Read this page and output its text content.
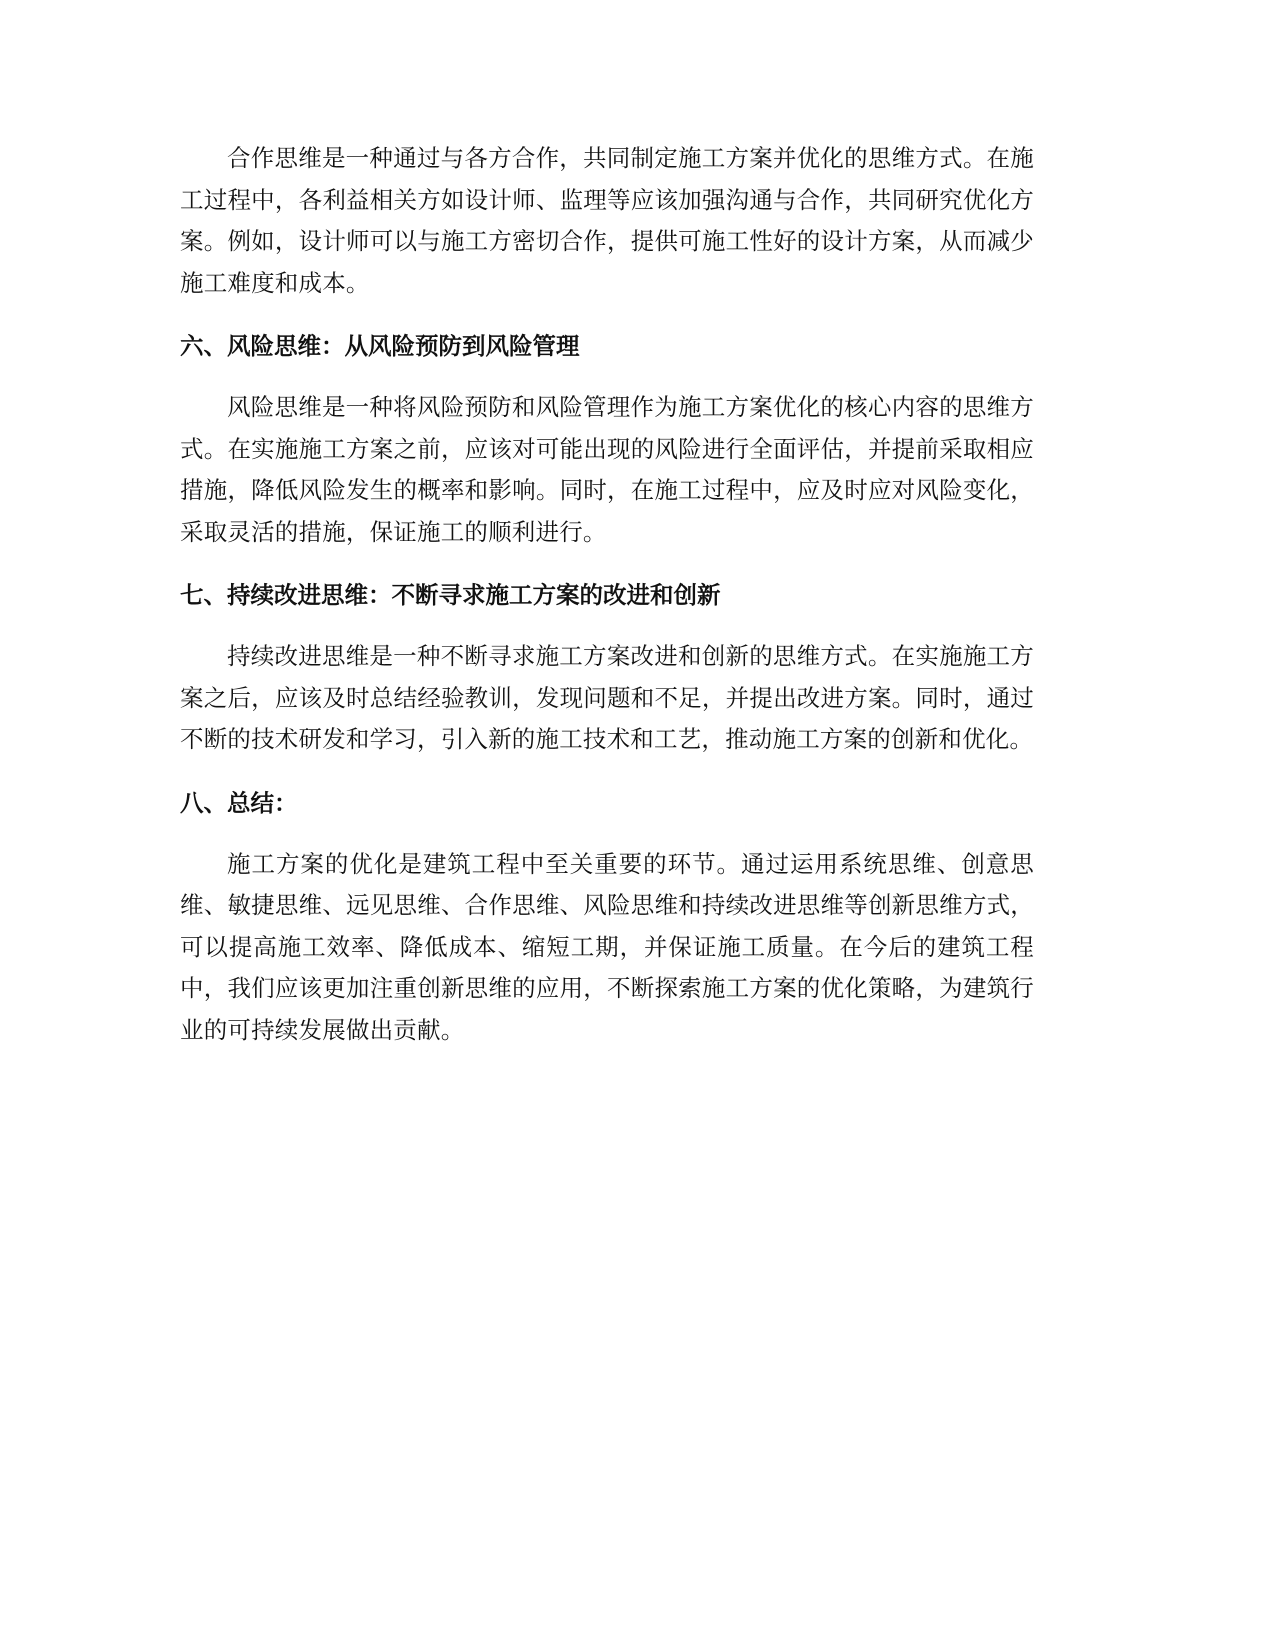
合作思维是一种通过与各方合作，共同制定施工方案并优化的思维方式。在施工过程中，各利益相关方如设计师、监理等应该加强沟通与合作，共同研究优化方案。例如，设计师可以与施工方密切合作，提供可施工性好的设计方案，从而减少施工难度和成本。

六、风险思维：从风险预防到风险管理

风险思维是一种将风险预防和风险管理作为施工方案优化的核心内容的思维方式。在实施施工方案之前，应该对可能出现的风险进行全面评估，并提前采取相应措施，降低风险发生的概率和影响。同时，在施工过程中，应及时应对风险变化，采取灵活的措施，保证施工的顺利进行。

七、持续改进思维：不断寻求施工方案的改进和创新

持续改进思维是一种不断寻求施工方案改进和创新的思维方式。在实施施工方案之后，应该及时总结经验教训，发现问题和不足，并提出改进方案。同时，通过不断的技术研发和学习，引入新的施工技术和工艺，推动施工方案的创新和优化。

八、总结：

施工方案的优化是建筑工程中至关重要的环节。通过运用系统思维、创意思维、敏捷思维、远见思维、合作思维、风险思维和持续改进思维等创新思维方式，可以提高施工效率、降低成本、缩短工期，并保证施工质量。在今后的建筑工程中，我们应该更加注重创新思维的应用，不断探索施工方案的优化策略，为建筑行业的可持续发展做出贡献。
